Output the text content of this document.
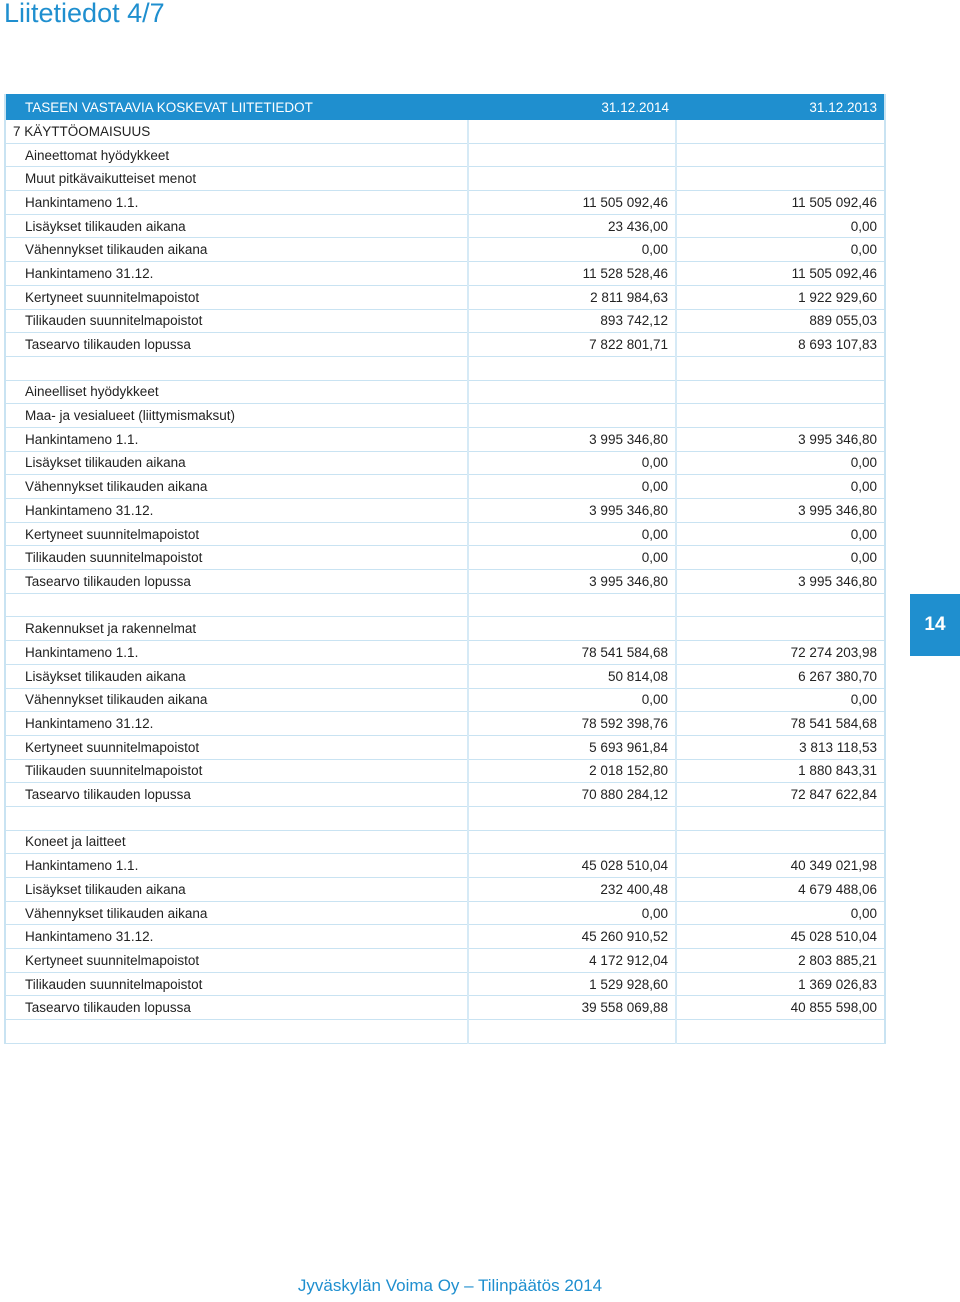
Liitetiedot 4/7
TASEEN VASTAAVIA KOSKEVAT LIITETIEDOT	31.12.2014	31.12.2013
7 KÄYTTÖOMAISUUS		
Aineettomat hyödykkeet		
Muut pitkävaikutteiset menot		
Hankintameno 1.1.	11 505 092,46	11 505 092,46
Lisäykset tilikauden aikana	23 436,00	0,00
Vähennykset tilikauden aikana	0,00	0,00
Hankintameno 31.12.	11 528 528,46	11 505 092,46
Kertyneet suunnitelmapoistot	2 811 984,63	1 922 929,60
Tilikauden suunnitelmapoistot	893 742,12	889 055,03
Tasearvo tilikauden lopussa	7 822 801,71	8 693 107,83

Aineelliset hyödykkeet		
Maa- ja vesialueet (liittymismaksut)		
Hankintameno 1.1.	3 995 346,80	3 995 346,80
Lisäykset tilikauden aikana	0,00	0,00
Vähennykset tilikauden aikana	0,00	0,00
Hankintameno 31.12.	3 995 346,80	3 995 346,80
Kertyneet suunnitelmapoistot	0,00	0,00
Tilikauden suunnitelmapoistot	0,00	0,00
Tasearvo tilikauden lopussa	3 995 346,80	3 995 346,80

Rakennukset ja rakennelmat		
Hankintameno 1.1.	78 541 584,68	72 274 203,98
Lisäykset tilikauden aikana	50 814,08	6 267 380,70
Vähennykset tilikauden aikana	0,00	0,00
Hankintameno 31.12.	78 592 398,76	78 541 584,68
Kertyneet suunnitelmapoistot	5 693 961,84	3 813 118,53
Tilikauden suunnitelmapoistot	2 018 152,80	1 880 843,31
Tasearvo tilikauden lopussa	70 880 284,12	72 847 622,84

Koneet ja laitteet		
Hankintameno 1.1.	45 028 510,04	40 349 021,98
Lisäykset tilikauden aikana	232 400,48	4 679 488,06
Vähennykset tilikauden aikana	0,00	0,00
Hankintameno 31.12.	45 260 910,52	45 028 510,04
Kertyneet suunnitelmapoistot	4 172 912,04	2 803 885,21
Tilikauden suunnitelmapoistot	1 529 928,60	1 369 026,83
Tasearvo tilikauden lopussa	39 558 069,88	40 855 598,00

14
Jyväskylän Voima Oy – Tilinpäätös 2014
